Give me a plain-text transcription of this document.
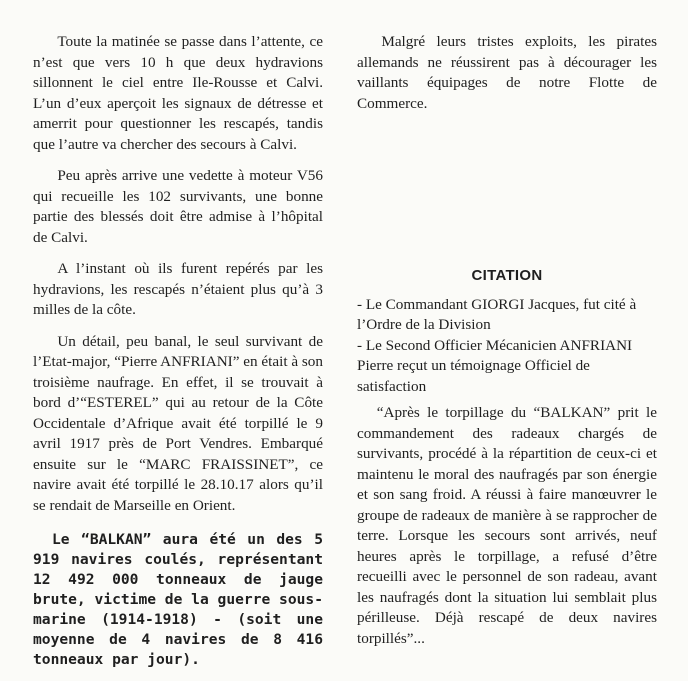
Toute la matinée se passe dans l’attente, ce n’est que vers 10 h que deux hydravions sillonnent le ciel entre Ile-Rousse et Calvi. L’un d’eux aperçoit les signaux de détresse et amerrit pour questionner les rescapés, tandis que l’autre va chercher des secours à Calvi.

Peu après arrive une vedette à moteur V56 qui recueille les 102 survivants, une bonne partie des blessés doit être admise à l’hôpital de Calvi.

A l’instant où ils furent repérés par les hydravions, les rescapés n’étaient plus qu’à 3 milles de la côte.

Un détail, peu banal, le seul survivant de l’Etat-major, “Pierre ANFRIANI” en était à son troisième naufrage. En effet, il se trouvait à bord d’“ESTEREL” qui au retour de la Côte Occidentale d’Afrique avait été torpillé le 9 avril 1917 près de Port Vendres. Embarqué ensuite sur le “MARC FRAISSINET”, ce navire avait été torpillé le 28.10.17 alors qu’il se rendait de Marseille en Orient.

Le “BALKAN” aura été un des 5 919 navires coulés, représentant 12 492 000 tonneaux de jauge brute, victime de la guerre sous-marine (1914-1918) - (soit une moyenne de 4 navires de 8 416 tonneaux par jour).

Malgré leurs tristes exploits, les pirates allemands ne réussirent pas à décourager les vaillants équipages de notre Flotte de Commerce.

CITATION

- Le Commandant GIORGI Jacques, fut cité à l’Ordre de la Division

- Le Second Officier Mécanicien ANFRIANI Pierre reçut un témoignage Officiel de satisfaction

“Après le torpillage du “BALKAN” prit le commandement des radeaux chargés de survivants, procédé à la répartition de ceux-ci et maintenu le moral des naufragés par son énergie et son sang froid. A réussi à faire manœuvrer le groupe de radeaux de manière à se rapprocher de terre. Lorsque les secours sont arrivés, neuf heures après le torpillage, a refusé d’être recueilli avec le personnel de son radeau, avant les naufragés dont la situation lui semblait plus périlleuse. Déjà rescapé de deux navires torpillés”...
